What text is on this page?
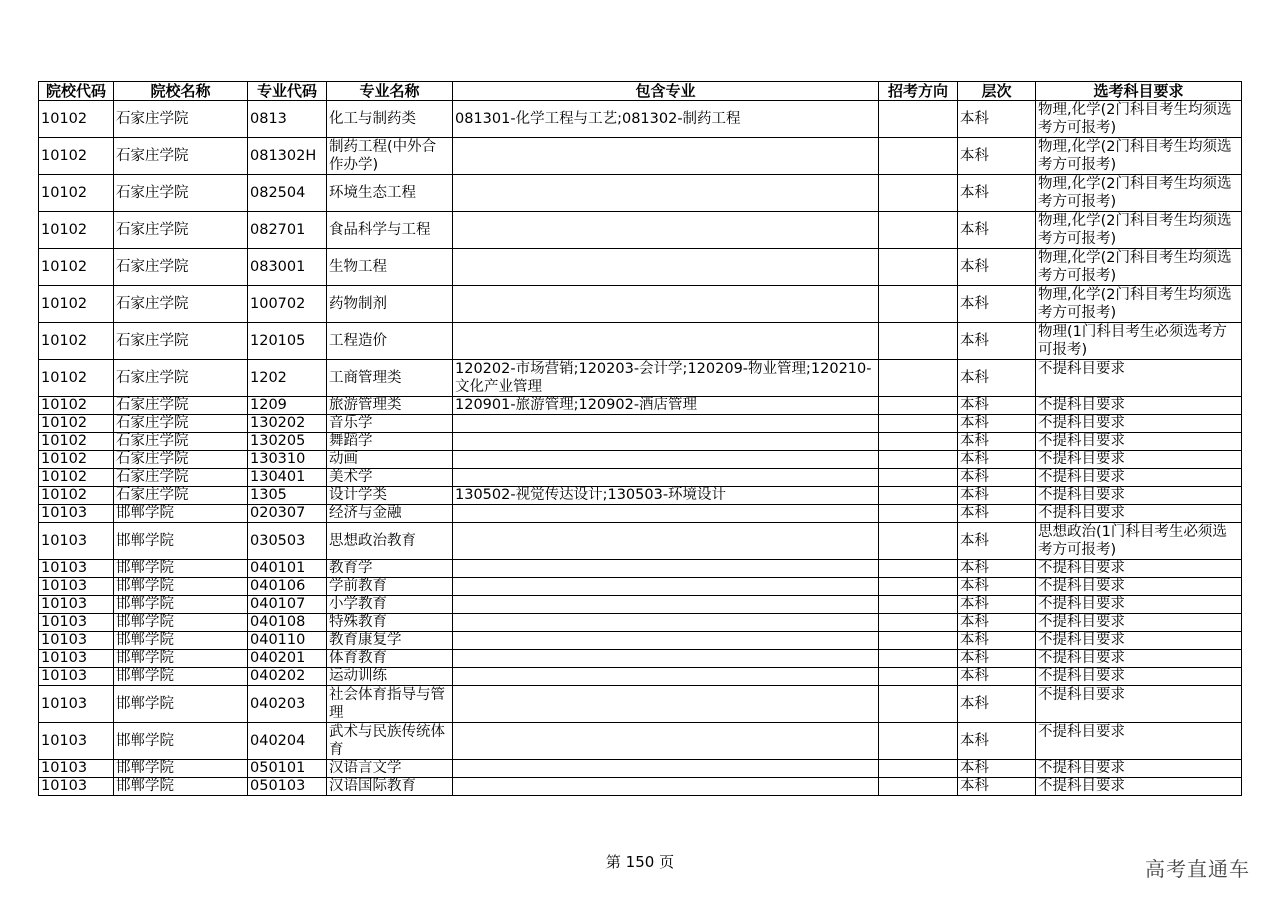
院校代码	院校名称	专业代码	专业名称	包含专业	招考方向	层次	选考科目要求
10102	石家庄学院	0813	化工与制药类	081301-化学工程与工艺;081302-制药工程		本科	物理,化学(2门科目考生均须选考方可报考)
10102	石家庄学院	081302H	制药工程(中外合作办学)			本科	物理,化学(2门科目考生均须选考方可报考)
10102	石家庄学院	082504	环境生态工程			本科	物理,化学(2门科目考生均须选考方可报考)
10102	石家庄学院	082701	食品科学与工程			本科	物理,化学(2门科目考生均须选考方可报考)
10102	石家庄学院	083001	生物工程			本科	物理,化学(2门科目考生均须选考方可报考)
10102	石家庄学院	100702	药物制剂			本科	物理,化学(2门科目考生均须选考方可报考)
10102	石家庄学院	120105	工程造价			本科	物理(1门科目考生必须选考方可报考)
10102	石家庄学院	1202	工商管理类	120202-市场营销;120203-会计学;120209-物业管理;120210-文化产业管理		本科	不提科目要求
10102	石家庄学院	1209	旅游管理类	120901-旅游管理;120902-酒店管理		本科	不提科目要求
10102	石家庄学院	130202	音乐学			本科	不提科目要求
10102	石家庄学院	130205	舞蹈学			本科	不提科目要求
10102	石家庄学院	130310	动画			本科	不提科目要求
10102	石家庄学院	130401	美术学			本科	不提科目要求
10102	石家庄学院	1305	设计学类	130502-视觉传达设计;130503-环境设计		本科	不提科目要求
10103	邯郸学院	020307	经济与金融			本科	不提科目要求
10103	邯郸学院	030503	思想政治教育			本科	思想政治(1门科目考生必须选考方可报考)
10103	邯郸学院	040101	教育学			本科	不提科目要求
10103	邯郸学院	040106	学前教育			本科	不提科目要求
10103	邯郸学院	040107	小学教育			本科	不提科目要求
10103	邯郸学院	040108	特殊教育			本科	不提科目要求
10103	邯郸学院	040110	教育康复学			本科	不提科目要求
10103	邯郸学院	040201	体育教育			本科	不提科目要求
10103	邯郸学院	040202	运动训练			本科	不提科目要求
10103	邯郸学院	040203	社会体育指导与管理			本科	不提科目要求
10103	邯郸学院	040204	武术与民族传统体育			本科	不提科目要求
10103	邯郸学院	050101	汉语言文学			本科	不提科目要求
10103	邯郸学院	050103	汉语国际教育			本科	不提科目要求
第 150 页	高考直通车
